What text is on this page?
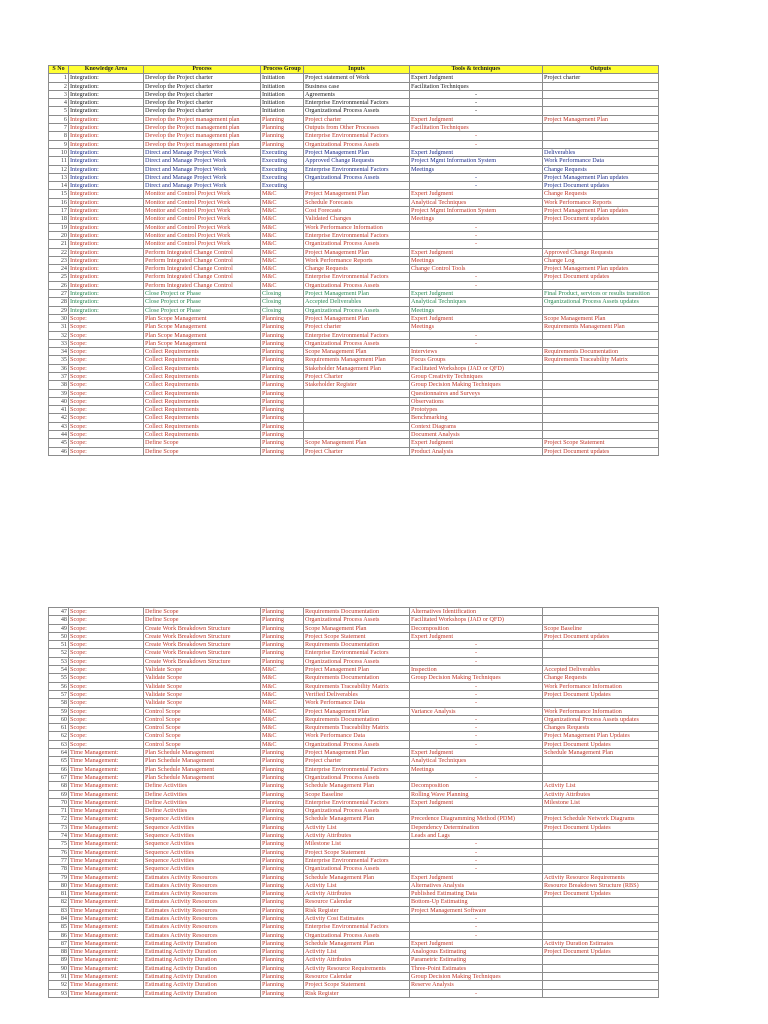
S No	Knowledge Area	Process	Process Group	Inputs	Tools & techniques	Outputs
1	Integration:	Develop the Project charter	Initiation	Project statement of Work	Expert Judgment	Project charter
2	Integration:	Develop the Project charter	Initiation	Business case	Facilitation Techniques	
3	Integration:	Develop the Project charter	Initiation	Agreements	-	
4	Integration:	Develop the Project charter	Initiation	Enterprise Environmental Factors	-	
5	Integration:	Develop the Project charter	Initiation	Organizational Process Assets	-	
6	Integration:	Develop the Project management plan	Planning	Project charter	Expert Judgment	Project Management Plan
7	Integration:	Develop the Project management plan	Planning	Outputs from Other Processes	Facilitation Techniques	
8	Integration:	Develop the Project management plan	Planning	Enterprise Environmental Factors	-	
9	Integration:	Develop the Project management plan	Planning	Organizational Process Assets	-	
10	Integration:	Direct and Manage Project Work	Executing	Project Management Plan	Expert Judgment	Deliverables
11	Integration:	Direct and Manage Project Work	Executing	Approved Change Requests	Project Mgmt Information System	Work Performance Data
12	Integration:	Direct and Manage Project Work	Executing	Enterprise Environmental Factors	Meetings	Change Requests
13	Integration:	Direct and Manage Project Work	Executing	Organizational Process Assets	-	Project Management Plan updates
14	Integration:	Direct and Manage Project Work	Executing		-	Project Document updates
15	Integration:	Monitor and Control Project Work	M&C	Project Management Plan	Expert Judgment	Change Requests
16	Integration:	Monitor and Control Project Work	M&C	Schedule Forecasts	Analytical Techniques	Work Performance Reports
17	Integration:	Monitor and Control Project Work	M&C	Cost Forecasts	Project Mgmt Information System	Project Management Plan updates
18	Integration:	Monitor and Control Project Work	M&C	Validated Changes	Meetings	Project Document updates
19	Integration:	Monitor and Control Project Work	M&C	Work Performance Information	-	
20	Integration:	Monitor and Control Project Work	M&C	Enterprise Environmental Factors	-	
21	Integration:	Monitor and Control Project Work	M&C	Organizational Process Assets	-	
22	Integration:	Perform Integrated Change Control	M&C	Project Management Plan	Expert Judgment	Approved Change Requests
23	Integration:	Perform Integrated Change Control	M&C	Work Performance Reports	Meetings	Change Log
24	Integration:	Perform Integrated Change Control	M&C	Change Requests	Change Control Tools	Project Management Plan updates
25	Integration:	Perform Integrated Change Control	M&C	Enterprise Environmental Factors	-	Project Document updates
26	Integration:	Perform Integrated Change Control	M&C	Organizational Process Assets	-	
27	Integration:	Close Project or Phase	Closing	Project Management Plan	Expert Judgment	Final Product, services or results transition
28	Integration:	Close Project or Phase	Closing	Accepted Deliverables	Analytical Techniques	Organizational Process Assets updates
29	Integration:	Close Project or Phase	Closing	Organizational Process Assets	Meetings	
30	Scope:	Plan Scope Management	Planning	Project Management Plan	Expert Judgment	Scope Management Plan
31	Scope:	Plan Scope Management	Planning	Project charter	Meetings	Requirements Management Plan
32	Scope:	Plan Scope Management	Planning	Enterprise Environmental Factors	-	
33	Scope:	Plan Scope Management	Planning	Organizational Process Assets	-	
34	Scope:	Collect Requirements	Planning	Scope Management Plan	Interviews	Requirements Documentation
35	Scope:	Collect Requirements	Planning	Requirements Management Plan	Focus Groups	Requirements Traceability Matrix
36	Scope:	Collect Requirements	Planning	Stakeholder Management Plan	Facilitated Workshops (JAD or QFD)	
37	Scope:	Collect Requirements	Planning	Project Charter	Group Creativity Techniques	
38	Scope:	Collect Requirements	Planning	Stakeholder Register	Group Decision Making Techniques	
39	Scope:	Collect Requirements	Planning		Questionnaires and Surveys	
40	Scope:	Collect Requirements	Planning		Observations	
41	Scope:	Collect Requirements	Planning		Prototypes	
42	Scope:	Collect Requirements	Planning		Benchmarking	
43	Scope:	Collect Requirements	Planning		Context Diagrams	
44	Scope:	Collect Requirements	Planning		Document Analysis	
45	Scope:	Define Scope	Planning	Scope Management Plan	Expert Judgment	Project Scope Statement
46	Scope:	Define Scope	Planning	Project Charter	Product Analysis	Project Document updates
47	Scope:	Define Scope	Planning	Requirements Documentation	Alternatives Identification	
48	Scope:	Define Scope	Planning	Organizational Process Assets	Facilitated Workshops (JAD or QFD)	
49	Scope:	Create Work Breakdown Structure	Planning	Scope Management Plan	Decomposition	Scope Baseline
50	Scope:	Create Work Breakdown Structure	Planning	Project Scope Statement	Expert Judgment	Project Document updates
51	Scope:	Create Work Breakdown Structure	Planning	Requirements Documentation	-	
52	Scope:	Create Work Breakdown Structure	Planning	Enterprise Environmental Factors	-	
53	Scope:	Create Work Breakdown Structure	Planning	Organizational Process Assets	-	
54	Scope:	Validate Scope	M&C	Project Management Plan	Inspection	Accepted Deliverables
55	Scope:	Validate Scope	M&C	Requirements Documentation	Group Decision Making Techniques	Change Requests
56	Scope:	Validate Scope	M&C	Requirements Traceability Matrix	-	Work Performance Information
57	Scope:	Validate Scope	M&C	Verified Deliverables	-	Project Document Updates
58	Scope:	Validate Scope	M&C	Work Performance Data	-	
59	Scope:	Control Scope	M&C	Project Management Plan	Variance Analysis	Work Performance Information
60	Scope:	Control Scope	M&C	Requirements Documentation	-	Organizational Process Assets updates
61	Scope:	Control Scope	M&C	Requirements Traceability Matrix	-	Changes Requests
62	Scope:	Control Scope	M&C	Work Performance Data	-	Project Management Plan Updates
63	Scope:	Control Scope	M&C	Organizational Process Assets	-	Project Document Updates
64	Time Management:	Plan Schedule Management	Planning	Project Management Plan	Expert Judgment	Schedule Management Plan
65	Time Management:	Plan Schedule Management	Planning	Project charter	Analytical Techniques	
66	Time Management:	Plan Schedule Management	Planning	Enterprise Environmental Factors	Meetings	
67	Time Management:	Plan Schedule Management	Planning	Organizational Process Assets	-	
68	Time Management:	Define Activities	Planning	Schedule Management Plan	Decomposition	Activity List
69	Time Management:	Define Activities	Planning	Scope Baseline	Rolling Wave Planning	Activity Attributes
70	Time Management:	Define Activities	Planning	Enterprise Environmental Factors	Expert Judgment	Milestone List
71	Time Management:	Define Activities	Planning	Organizational Process Assets		
72	Time Management:	Sequence Activities	Planning	Schedule Management Plan	Precedence Diagramming Method (PDM)	Project Schedule Network Diagrams
73	Time Management:	Sequence Activities	Planning	Activity List	Dependency Determination	Project Document Updates
74	Time Management:	Sequence Activities	Planning	Activity Attributes	Leads and Lags	
75	Time Management:	Sequence Activities	Planning	Milestone List	-	
76	Time Management:	Sequence Activities	Planning	Project Scope Statement	-	
77	Time Management:	Sequence Activities	Planning	Enterprise Environmental Factors	-	
78	Time Management:	Sequence Activities	Planning	Organizational Process Assets	-	
79	Time Management:	Estimates Activity Resources	Planning	Schedule Management Plan	Expert Judgment	Activity Resource Requirements
80	Time Management:	Estimates Activity Resources	Planning	Activity List	Alternatives Analysis	Resource Breakdown Structure (RBS)
81	Time Management:	Estimates Activity Resources	Planning	Activity Attributes	Published Estimating Data	Project Document Updates
82	Time Management:	Estimates Activity Resources	Planning	Resource Calendar	Bottom-Up Estimating	
83	Time Management:	Estimates Activity Resources	Planning	Risk Register	Project Management Software	
84	Time Management:	Estimates Activity Resources	Planning	Activity Cost Estimates	-	
85	Time Management:	Estimates Activity Resources	Planning	Enterprise Environmental Factors	-	
86	Time Management:	Estimates Activity Resources	Planning	Organizational Process Assets	-	
87	Time Management:	Estimating Activity Duration	Planning	Schedule Management Plan	Expert Judgment	Activity Duration Estimates
88	Time Management:	Estimating Activity Duration	Planning	Activity List	Analogous Estimating	Project Document Updates
89	Time Management:	Estimating Activity Duration	Planning	Activity Attributes	Parametric Estimating	
90	Time Management:	Estimating Activity Duration	Planning	Activity Resource Requirements	Three-Point Estimates	
91	Time Management:	Estimating Activity Duration	Planning	Resource Calendar	Group Decision Making Techniques	
92	Time Management:	Estimating Activity Duration	Planning	Project Scope Statement	Reserve Analysis	
93	Time Management:	Estimating Activity Duration	Planning	Risk Register	-	
